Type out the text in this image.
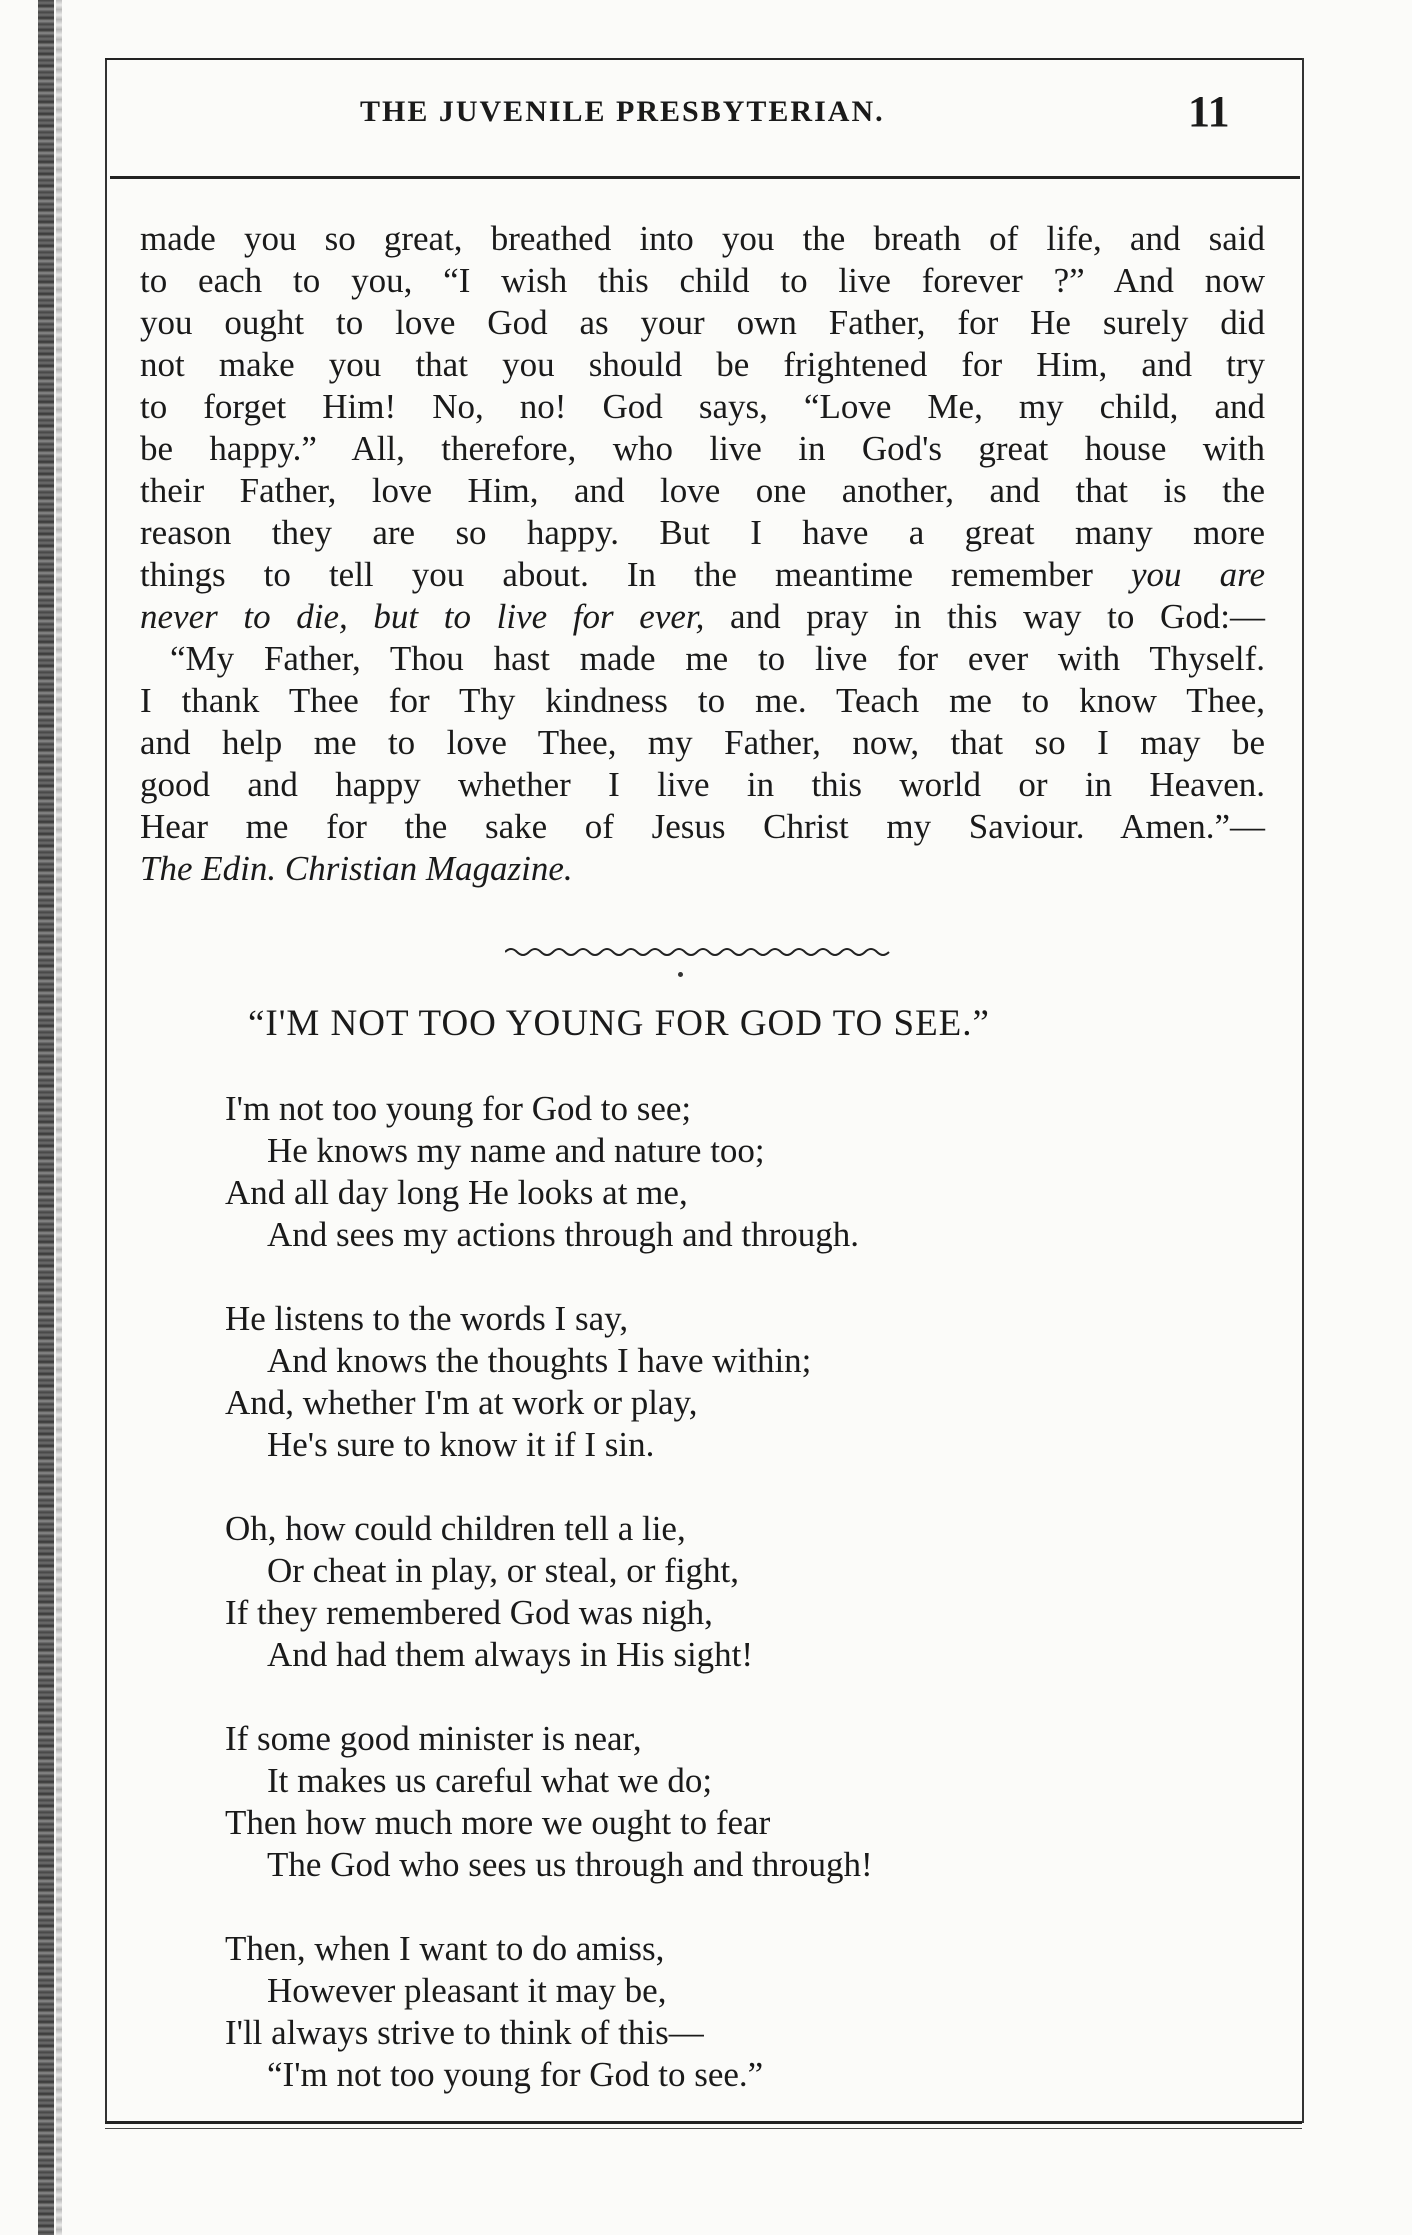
THE JUVENILE PRESBYTERIAN.	11
made you so great, breathed into you the breath of life, and said
to each to you, “I wish this child to live forever ?” And now
you ought to love God as your own Father, for He surely did
not make you that you should be frightened for Him, and try
to forget Him! No, no! God says, “Love Me, my child, and
be happy.” All, therefore, who live in God's great house with
their Father, love Him, and love one another, and that is the
reason they are so happy. But I have a great many more
things to tell you about. In the meantime remember you are
never to die, but to live for ever, and pray in this way to God:—
“My Father, Thou hast made me to live for ever with Thyself.
I thank Thee for Thy kindness to me. Teach me to know Thee,
and help me to love Thee, my Father, now, that so I may be
good and happy whether I live in this world or in Heaven.
Hear me for the sake of Jesus Christ my Saviour. Amen.”—
The Edin. Christian Magazine.
“I'M NOT TOO YOUNG FOR GOD TO SEE.”
I'm not too young for God to see;
He knows my name and nature too;
And all day long He looks at me,
And sees my actions through and through.
He listens to the words I say,
And knows the thoughts I have within;
And, whether I'm at work or play,
He's sure to know it if I sin.
Oh, how could children tell a lie,
Or cheat in play, or steal, or fight,
If they remembered God was nigh,
And had them always in His sight!
If some good minister is near,
It makes us careful what we do;
Then how much more we ought to fear
The God who sees us through and through!
Then, when I want to do amiss,
However pleasant it may be,
I'll always strive to think of this—
“I'm not too young for God to see.”
